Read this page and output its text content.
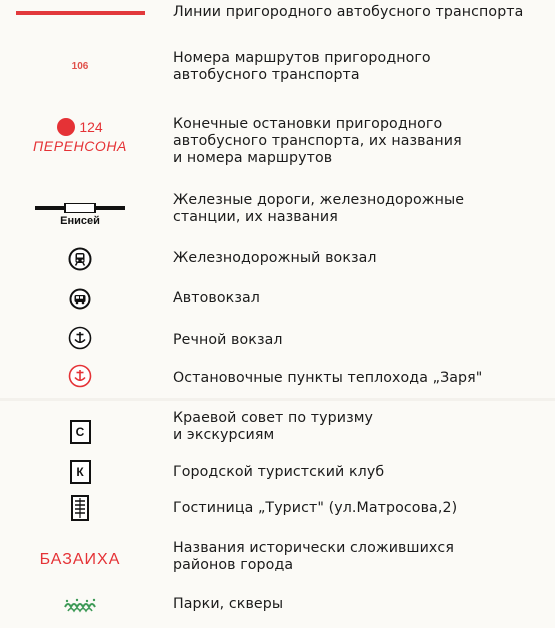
Линии пригородного автобусного транспорта
106	Номера маршрутов пригородного
автобусного транспорта
124
ПЕРЕНСОНА
Конечные остановки пригородного
автобусного транспорта, их названия
и номера маршрутов
Енисей
Железные дороги, железнодорожные
станции, их названия
Железнодорожный вокзал
Автовокзал
Речной вокзал
Остановочные пункты теплохода „Заря"
С
Краевой совет по туризму
и экскурсиям
К	Городской туристский клуб
Гостиница „Турист" (ул.Матросова,2)
БАЗАИХА
Названия исторически сложившихся
районов города
Парки, скверы
